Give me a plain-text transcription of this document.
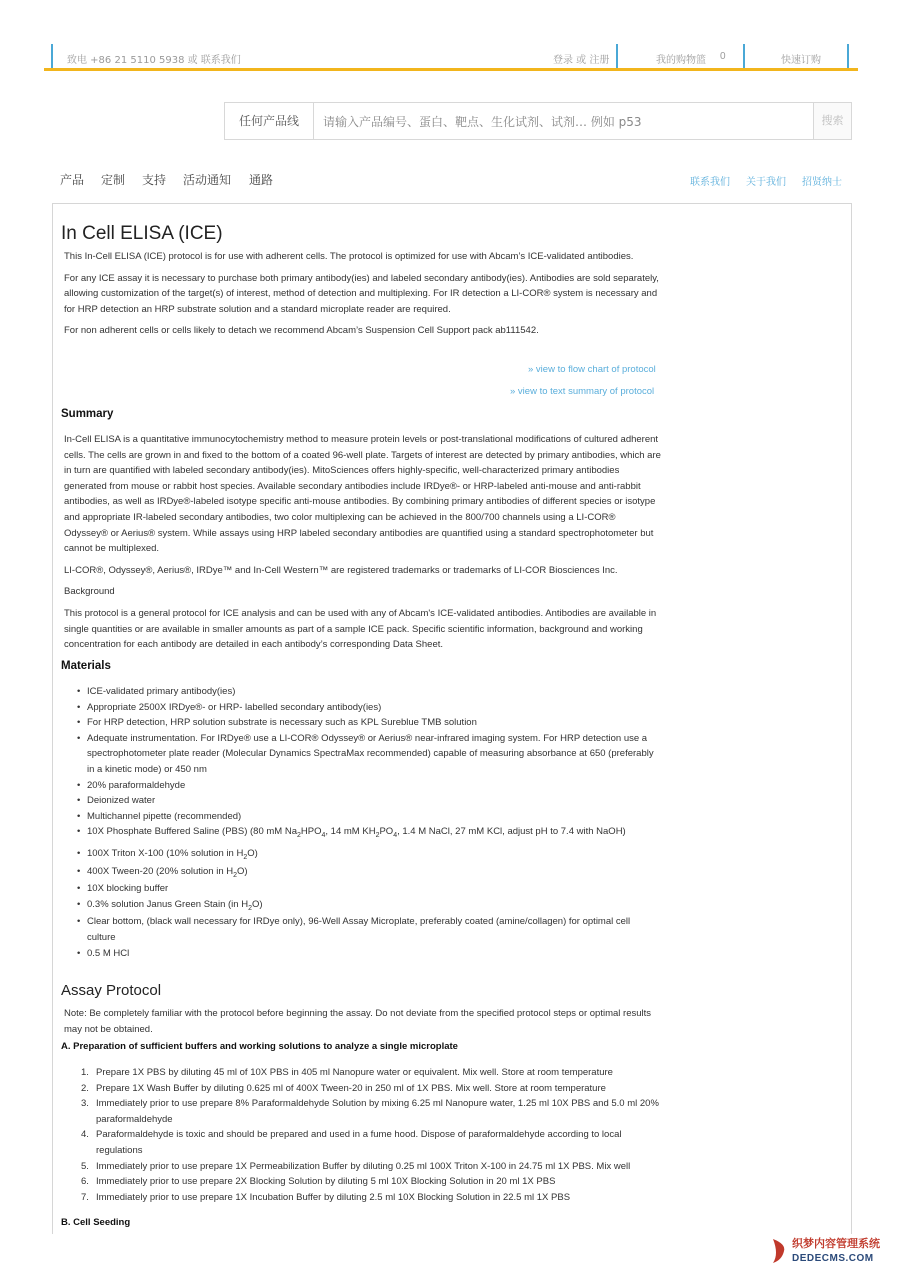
致电 +86 21 5110 5938 或 联系我们	登录 或 注册	我的购物篮 0	快速订购
任何产品线
请输入产品编号、蛋白、靶点、生化试剂、试剂… 例如 p53	搜索
产品 定制 支持 活动通知 通路	联系我们 关于我们 招贤纳士
In Cell ELISA (ICE)

This In-Cell ELISA (ICE) protocol is for use with adherent cells. The protocol is optimized for use with Abcam’s ICE-validated antibodies.

For any ICE assay it is necessary to purchase both primary antibody(ies) and labeled secondary antibody(ies). Antibodies are sold separately, allowing customization of the target(s) of interest, method of detection and multiplexing. For IR detection a LI-COR® system is necessary and for HRP detection an HRP substrate solution and a standard microplate reader are required.

For non adherent cells or cells likely to detach we recommend Abcam’s Suspension Cell Support pack ab111542.

» view to flow chart of protocol
» view to text summary of protocol
Summary

In-Cell ELISA is a quantitative immunocytochemistry method to measure protein levels or post-translational modifications of cultured adherent cells. The cells are grown in and fixed to the bottom of a coated 96-well plate. Targets of interest are detected by primary antibodies, which are in turn are quantified with labeled secondary antibody(ies). MitoSciences offers highly-specific, well-characterized primary antibodies generated from mouse or rabbit host species. Available secondary antibodies include IRDye®- or HRP-labeled anti-mouse and anti-rabbit antibodies, as well as IRDye®-labeled isotype specific anti-mouse antibodies. By combining primary antibodies of different species or isotype and appropriate IR-labeled secondary antibodies, two color multiplexing can be achieved in the 800/700 channels using a LI-COR® Odyssey® or Aerius® system. While assays using HRP labeled secondary antibodies are quantified using a standard spectrophotometer but cannot be multiplexed.

LI-COR®, Odyssey®, Aerius®, IRDye™ and In-Cell Western™ are registered trademarks or trademarks of LI-COR Biosciences Inc.

Background

This protocol is a general protocol for ICE analysis and can be used with any of Abcam's ICE-validated antibodies. Antibodies are available in single quantities or are available in smaller amounts as part of a sample ICE pack. Specific scientific information, background and working concentration for each antibody are detailed in each antibody’s corresponding Data Sheet.

Materials
• ICE-validated primary antibody(ies)
• Appropriate 2500X IRDye®- or HRP- labelled secondary antibody(ies)
• For HRP detection, HRP solution substrate is necessary such as KPL Sureblue TMB solution
• Adequate instrumentation. For IRDye® use a LI-COR® Odyssey® or Aerius® near-infrared imaging system. For HRP detection use a spectrophotometer plate reader (Molecular Dynamics SpectraMax recommended) capable of measuring absorbance at 650 (preferably in a kinetic mode) or 450 nm
• 20% paraformaldehyde
• Deionized water
• Multichannel pipette (recommended)
• 10X Phosphate Buffered Saline (PBS) (80 mM $Na_2HPO_4$, 14 mM $KH_2PO_4$, 1.4 M NaCl, 27 mM KCl, adjust pH to 7.4 with NaOH)
• 100X Triton X-100 (10% solution in $H_2O$)
• 400X Tween-20 (20% solution in $H_2O$)
• 10X blocking buffer
• 0.3% solution Janus Green Stain (in $H_2O$)
• Clear bottom, (black wall necessary for IRDye only), 96-Well Assay Microplate, preferably coated (amine/collagen) for optimal cell culture
• 0.5 M HCl
Assay Protocol

Note: Be completely familiar with the protocol before beginning the assay. Do not deviate from the specified protocol steps or optimal results may not be obtained.

A. Preparation of sufficient buffers and working solutions to analyze a single microplate
1. Prepare 1X PBS by diluting 45 ml of 10X PBS in 405 ml Nanopure water or equivalent. Mix well. Store at room temperature
2. Prepare 1X Wash Buffer by diluting 0.625 ml of 400X Tween-20 in 250 ml of 1X PBS. Mix well. Store at room temperature
3. Immediately prior to use prepare 8% Paraformaldehyde Solution by mixing 6.25 ml Nanopure water, 1.25 ml 10X PBS and 5.0 ml 20% paraformaldehyde
4. Paraformaldehyde is toxic and should be prepared and used in a fume hood. Dispose of paraformaldehyde according to local regulations
5. Immediately prior to use prepare 1X Permeabilization Buffer by diluting 0.25 ml 100X Triton X-100 in 24.75 ml 1X PBS. Mix well
6. Immediately prior to use prepare 2X Blocking Solution by diluting 5 ml 10X Blocking Solution in 20 ml 1X PBS
7. Immediately prior to use prepare 1X Incubation Buffer by diluting 2.5 ml 10X Blocking Solution in 22.5 ml 1X PBS
B. Cell Seeding
织梦内容管理系统
DEDECMS.COM
